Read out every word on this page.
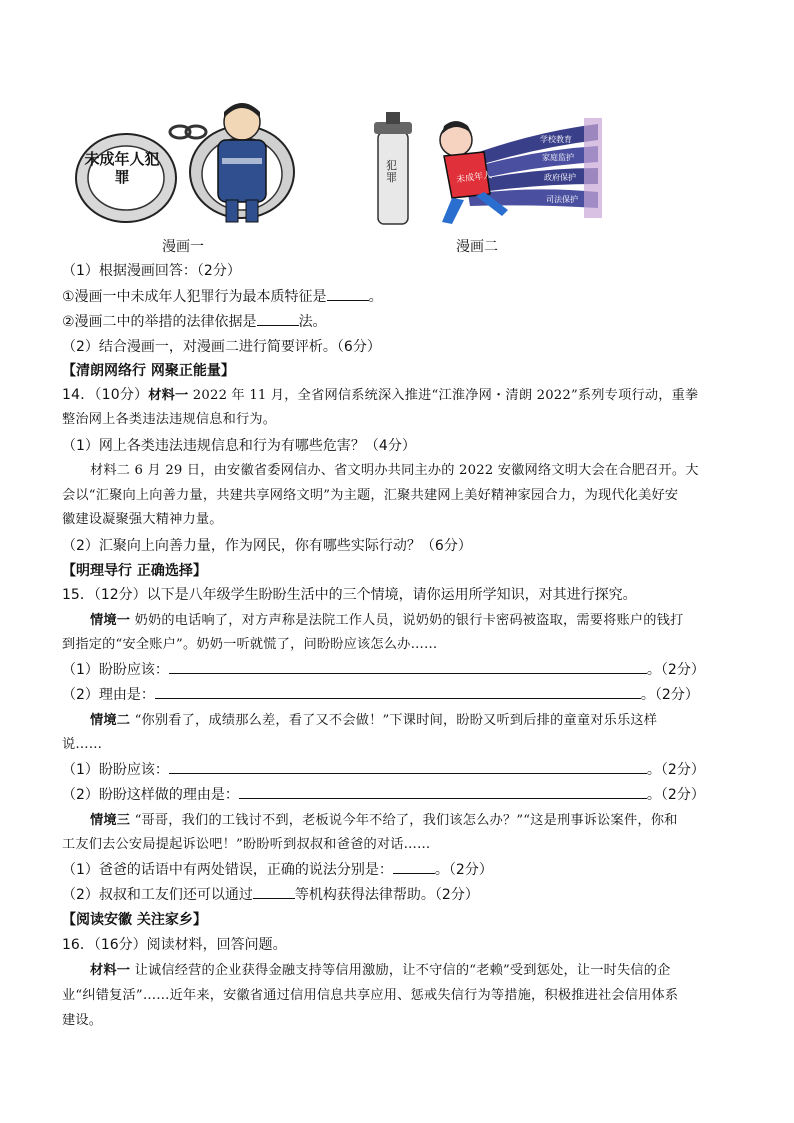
未成年人犯罪
犯罪	未成年人
学校教育
家庭监护
政府保护
司法保护
漫画一	漫画二
（1）根据漫画回答：（2分）
①漫画一中未成年人犯罪行为最本质特征是	。
②漫画二中的举措的法律依据是	法。
（2）结合漫画一，对漫画二进行简要评析。（6分）
【清朗网络行 网聚正能量】
14．（10分）材料一 2022 年 11 月，全省网信系统深入推进“江淮净网・清朗 2022”系列专项行动，重拳
整治网上各类违法违规信息和行为。
（1）网上各类违法违规信息和行为有哪些危害？（4分）
材料二 6 月 29 日，由安徽省委网信办、省文明办共同主办的 2022 安徽网络文明大会在合肥召开。大
会以“汇聚向上向善力量，共建共享网络文明”为主题，汇聚共建网上美好精神家园合力，为现代化美好安
徽建设凝聚强大精神力量。
（2）汇聚向上向善力量，作为网民，你有哪些实际行动？（6分）
【明理导行 正确选择】
15．（12分）以下是八年级学生盼盼生活中的三个情境，请你运用所学知识，对其进行探究。
情境一 奶奶的电话响了，对方声称是法院工作人员，说奶奶的银行卡密码被盗取，需要将账户的钱打
到指定的“安全账户”。奶奶一听就慌了，问盼盼应该怎么办……
（1）盼盼应该：	。（2分）
（2）理由是：	。（2分）
情境二 “你别看了，成绩那么差，看了又不会做！”下课时间，盼盼又听到后排的童童对乐乐这样
说……
（1）盼盼应该：	。（2分）
（2）盼盼这样做的理由是：	。（2分）
情境三 “哥哥，我们的工钱讨不到，老板说今年不给了，我们该怎么办？”“这是刑事诉讼案件，你和
工友们去公安局提起诉讼吧！”盼盼听到叔叔和爸爸的对话……
（1）爸爸的话语中有两处错误，正确的说法分别是：	。（2分）
（2）叔叔和工友们还可以通过	等机构获得法律帮助。（2分）
【阅读安徽 关注家乡】
16．（16分）阅读材料，回答问题。
材料一 让诚信经营的企业获得金融支持等信用激励，让不守信的“老赖”受到惩处，让一时失信的企
业“纠错复活”……近年来，安徽省通过信用信息共享应用、惩戒失信行为等措施，积极推进社会信用体系
建设。
